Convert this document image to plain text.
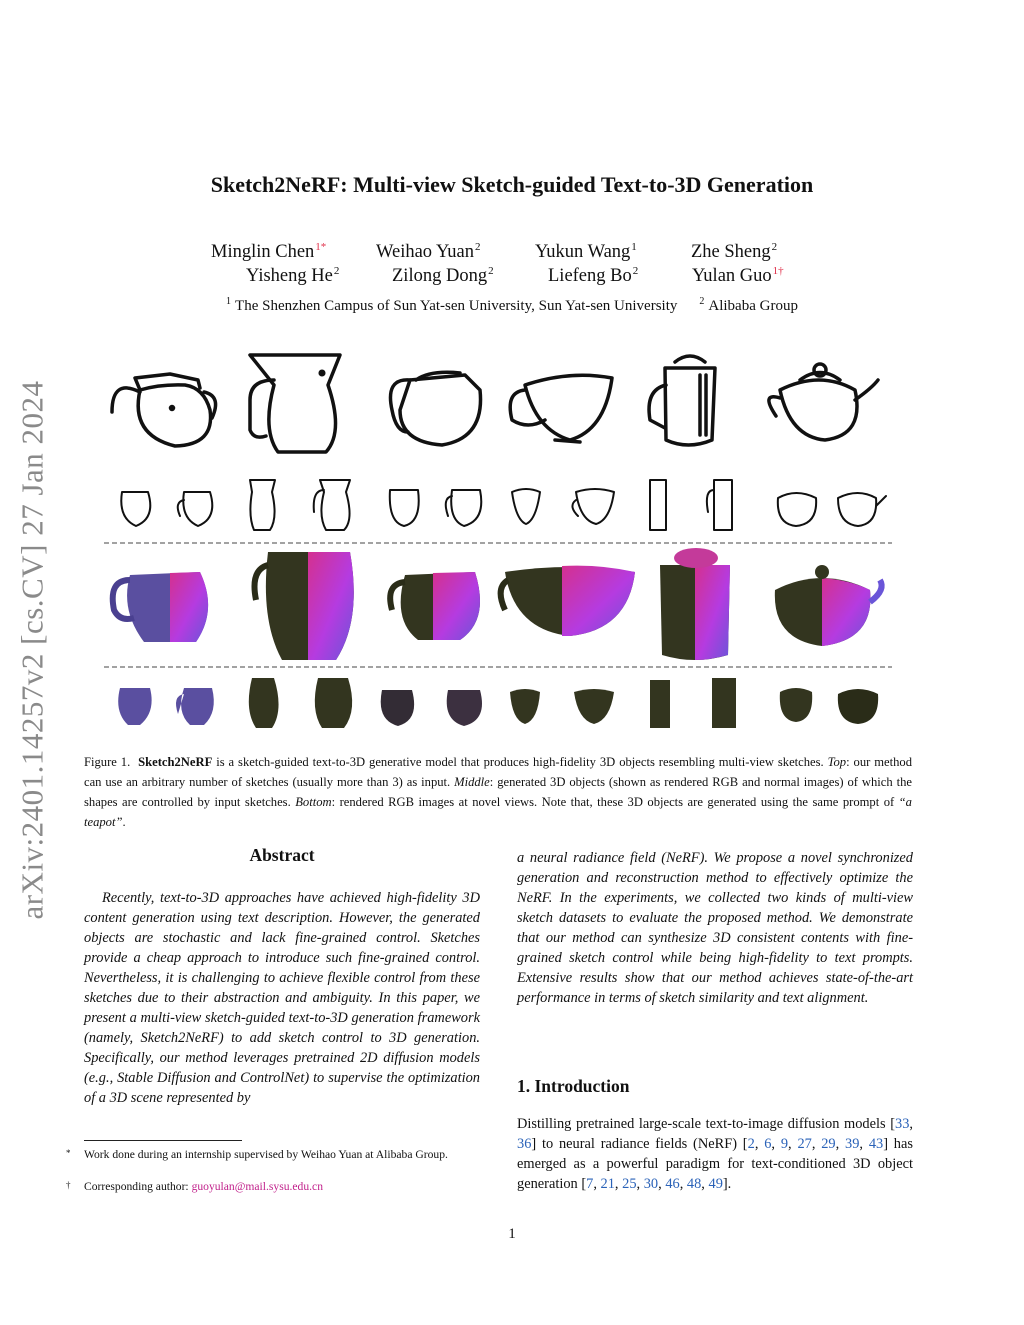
arXiv:2401.14257v2 [cs.CV] 27 Jan 2024
Sketch2NeRF: Multi-view Sketch-guided Text-to-3D Generation
Minglin Chen$^{1*}$	Weihao Yuan$^2$	Yukun Wang$^1$	Zhe Sheng$^2$
Yisheng He$^2$	Zilong Dong$^2$	Liefeng Bo$^2$	Yulan Guo$^{1\dagger}$
$^1$ The Shenzhen Campus of Sun Yat-sen University, Sun Yat-sen University $^2$ Alibaba Group
Figure 1. Sketch2NeRF is a sketch-guided text-to-3D generative model that produces high-fidelity 3D objects resembling multi-view sketches. Top: our method can use an arbitrary number of sketches (usually more than 3) as input. Middle: generated 3D objects (shown as rendered RGB and normal images) of which the shapes are controlled by input sketches. Bottom: rendered RGB images at novel views. Note that, these 3D objects are generated using the same prompt of “a teapot”.
Abstract
Recently, text-to-3D approaches have achieved high-fidelity 3D content generation using text description. However, the generated objects are stochastic and lack fine-grained control. Sketches provide a cheap approach to introduce such fine-grained control. Nevertheless, it is challenging to achieve flexible control from these sketches due to their abstraction and ambiguity. In this paper, we present a multi-view sketch-guided text-to-3D generation framework (namely, Sketch2NeRF) to add sketch control to 3D generation. Specifically, our method leverages pretrained 2D diffusion models (e.g., Stable Diffusion and ControlNet) to supervise the optimization of a 3D scene represented by
a neural radiance field (NeRF). We propose a novel synchronized generation and reconstruction method to effectively optimize the NeRF. In the experiments, we collected two kinds of multi-view sketch datasets to evaluate the proposed method. We demonstrate that our method can synthesize 3D consistent contents with fine-grained sketch control while being high-fidelity to text prompts. Extensive results show that our method achieves state-of-the-art performance in terms of sketch similarity and text alignment.
1. Introduction
Distilling pretrained large-scale text-to-image diffusion models [33, 36] to neural radiance fields (NeRF) [2, 6, 9, 27, 29, 39, 43] has emerged as a powerful paradigm for text-conditioned 3D object generation [7, 21, 25, 30, 46, 48, 49].
* Work done during an internship supervised by Weihao Yuan at Alibaba Group.
† Corresponding author: guoyulan@mail.sysu.edu.cn
1
